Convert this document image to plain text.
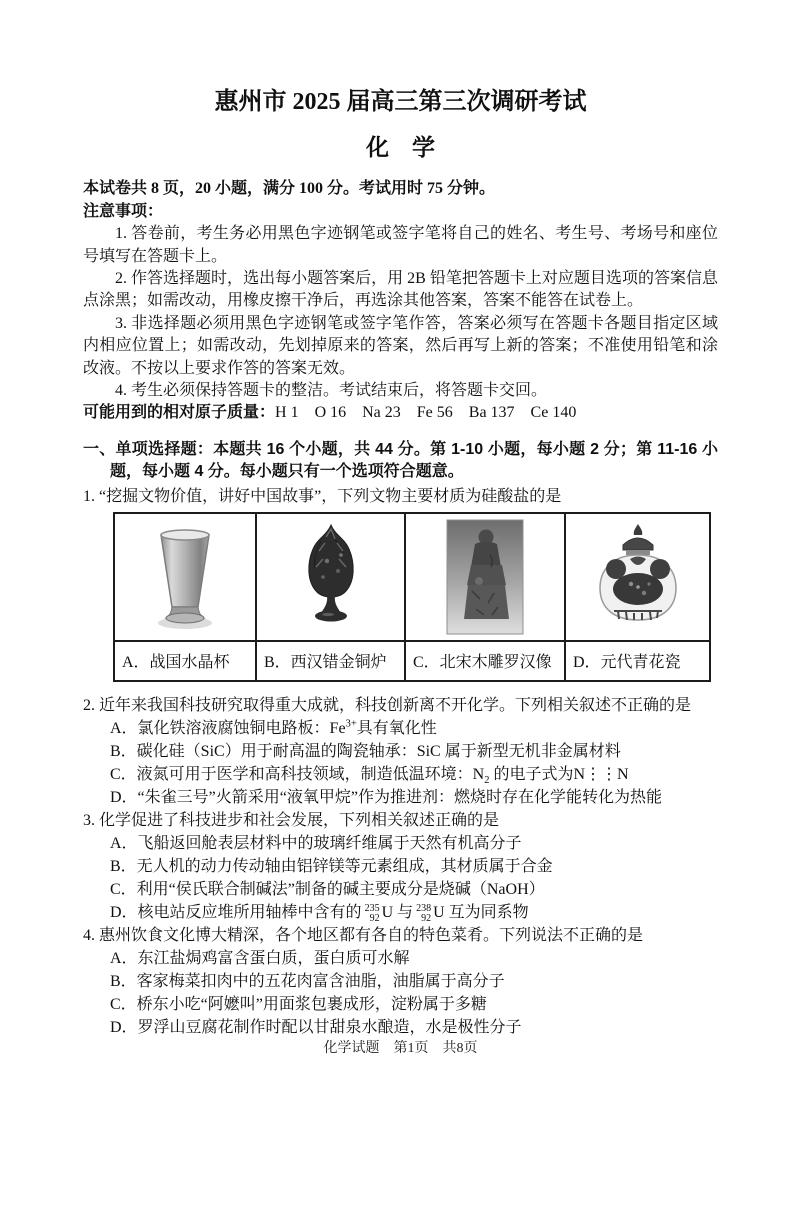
惠州市 2025 届高三第三次调研考试
化　学

本试卷共 8 页，20 小题，满分 100 分。考试用时 75 分钟。

注意事项：

1. 答卷前，考生务必用黑色字迹钢笔或签字笔将自己的姓名、考生号、考场号和座位号填写在答题卡上。

2. 作答选择题时，选出每小题答案后，用 2B 铅笔把答题卡上对应题目选项的答案信息点涂黑；如需改动，用橡皮擦干净后，再选涂其他答案，答案不能答在试卷上。

3. 非选择题必须用黑色字迹钢笔或签字笔作答，答案必须写在答题卡各题目指定区域内相应位置上；如需改动，先划掉原来的答案，然后再写上新的答案；不准使用铅笔和涂改液。不按以上要求作答的答案无效。

4. 考生必须保持答题卡的整洁。考试结束后，将答题卡交回。

可能用到的相对原子质量：H 1　O 16　Na 23　Fe 56　Ba 137　Ce 140

一、单项选择题：本题共 16 个小题，共 44 分。第 1-10 小题，每小题 2 分；第 11-16 小题，每小题 4 分。每小题只有一个选项符合题意。

1. “挖掘文物价值，讲好中国故事”，下列文物主要材质为硅酸盐的是

A．战国水晶杯	B．西汉错金铜炉	C．北宋木雕罗汉像	D．元代青花瓷

2. 近年来我国科技研究取得重大成就，科技创新离不开化学。下列相关叙述不正确的是

A．氯化铁溶液腐蚀铜电路板：$Fe^{3+}$具有氧化性

B．碳化硅（SiC）用于耐高温的陶瓷轴承：SiC 属于新型无机非金属材料

C．液氮可用于医学和高科技领域，制造低温环境：$N_2$ 的电子式为N⋮⋮N

D．“朱雀三号”火箭采用“液氧甲烷”作为推进剂：燃烧时存在化学能转化为热能

3. 化学促进了科技进步和社会发展，下列相关叙述正确的是

A．飞船返回舱表层材料中的玻璃纤维属于天然有机高分子

B．无人机的动力传动轴由铝锌镁等元素组成，其材质属于合金

C．利用“侯氏联合制碱法”制备的碱主要成分是烧碱（NaOH）

D．核电站反应堆所用轴棒中含有的 235
92 U 与 238
92 U 互为同系物

4. 惠州饮食文化博大精深，各个地区都有各自的特色菜肴。下列说法不正确的是

A．东江盐焗鸡富含蛋白质，蛋白质可水解

B．客家梅菜扣肉中的五花肉富含油脂，油脂属于高分子

C．桥东小吃“阿嬷叫”用面浆包裹成形，淀粉属于多糖

D．罗浮山豆腐花制作时配以甘甜泉水酿造，水是极性分子

化学试题　第1页　共8页
